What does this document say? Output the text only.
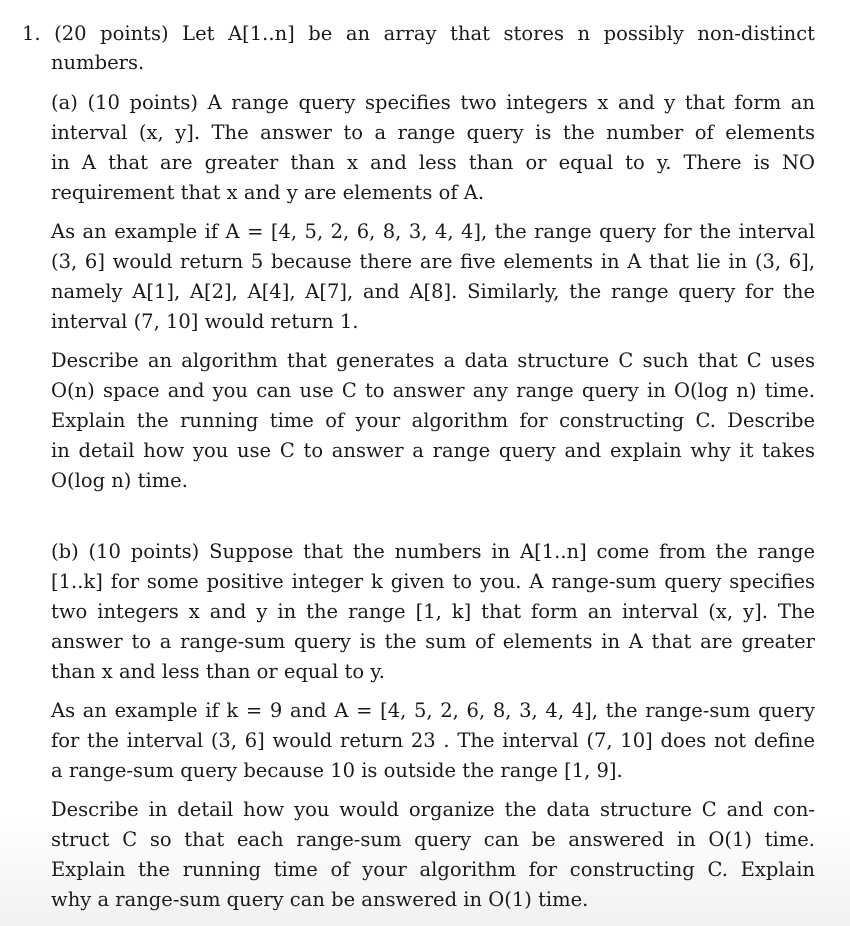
1. (20 points) Let A[1..n] be an array that stores n possibly non-distinct
numbers.
(a) (10 points) A range query specifies two integers x and y that form an
interval (x, y]. The answer to a range query is the number of elements
in A that are greater than x and less than or equal to y. There is NO
requirement that x and y are elements of A.
As an example if A = [4, 5, 2, 6, 8, 3, 4, 4], the range query for the interval
(3, 6] would return 5 because there are five elements in A that lie in (3, 6],
namely A[1], A[2], A[4], A[7], and A[8]. Similarly, the range query for the
interval (7, 10] would return 1.
Describe an algorithm that generates a data structure C such that C uses
O(n) space and you can use C to answer any range query in O(log n) time.
Explain the running time of your algorithm for constructing C. Describe
in detail how you use C to answer a range query and explain why it takes
O(log n) time.
(b) (10 points) Suppose that the numbers in A[1..n] come from the range
[1..k] for some positive integer k given to you. A range-sum query specifies
two integers x and y in the range [1, k] that form an interval (x, y]. The
answer to a range-sum query is the sum of elements in A that are greater
than x and less than or equal to y.
As an example if k = 9 and A = [4, 5, 2, 6, 8, 3, 4, 4], the range-sum query
for the interval (3, 6] would return 23 . The interval (7, 10] does not define
a range-sum query because 10 is outside the range [1, 9].
Describe in detail how you would organize the data structure C and con-
struct C so that each range-sum query can be answered in O(1) time.
Explain the running time of your algorithm for constructing C. Explain
why a range-sum query can be answered in O(1) time.
